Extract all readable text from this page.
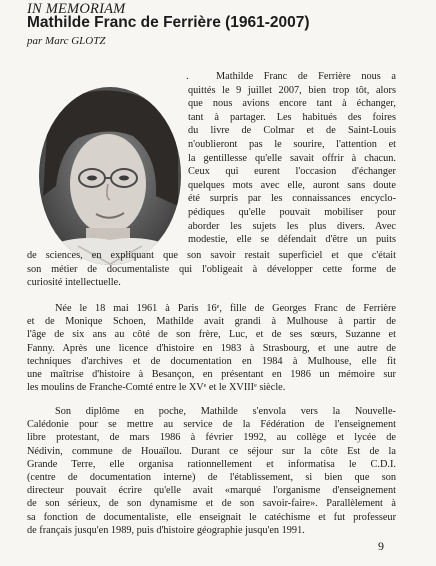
IN MEMORIAM
Mathilde Franc de Ferrière (1961-2007)
par Marc GLOTZ
.	Mathilde Franc de Ferrière nous a
quittés le 9 juillet 2007, bien trop tôt, alors
que nous avions encore tant à échanger,
tant à partager. Les habitués des foires
du livre de Colmar et de Saint-Louis
n'oublieront pas le sourire, l'attention et
la gentillesse qu'elle savait offrir à chacun.
Ceux qui eurent l'occasion d'échanger
quelques mots avec elle, auront sans doute
été surpris par les connaissances encyclo-
pédiques qu'elle pouvait mobiliser pour
aborder les sujets les plus divers. Avec
modestie, elle se défendait d'être un puits
de sciences, en expliquant que son savoir restait superficiel et que c'était
son métier de documentaliste qui l'obligeait à développer cette forme de
curiosité intellectuelle.
Née le 18 mai 1961 à Paris 16ᵉ, fille de Georges Franc de Ferrière
et de Monique Schoen, Mathilde avait grandi à Mulhouse à partir de
l'âge de six ans au côté de son frère, Luc, et de ses sœurs, Suzanne et
Fanny. Après une licence d'histoire en 1983 à Strasbourg, et une autre de
techniques d'archives et de documentation en 1984 à Mulhouse, elle fit
une maîtrise d'histoire à Besançon, en présentant en 1986 un mémoire sur
les moulins de Franche-Comté entre le XVᵉ et le XVIIIᵉ siècle.
Son diplôme en poche, Mathilde s'envola vers la Nouvelle-
Calédonie pour se mettre au service de la Fédération de l'enseignement
libre protestant, de mars 1986 à février 1992, au collège et lycée de
Nédivin, commune de Houaïlou. Durant ce séjour sur la côte Est de la
Grande Terre, elle organisa rationnellement et informatisa le C.D.I.
(centre de documentation interne) de l'établissement, si bien que son
directeur pouvait écrire qu'elle avait «marqué l'organisme d'enseignement
de son sérieux, de son dynamisme et de son savoir-faire». Parallèlement à
sa fonction de documentaliste, elle enseignait le catéchisme et fut professeur
de français jusqu'en 1989, puis d'histoire géographie jusqu'en 1991.
9
